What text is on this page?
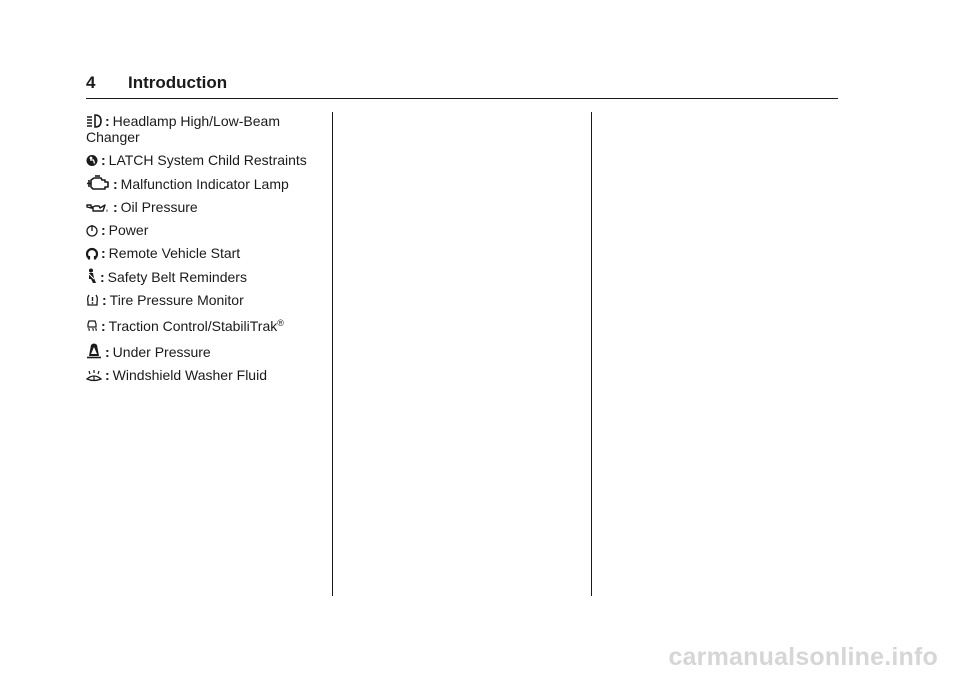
4 Introduction
: Headlamp High/Low-Beam Changer
: LATCH System Child Restraints
: Malfunction Indicator Lamp
: Oil Pressure
: Power
: Remote Vehicle Start
: Safety Belt Reminders
: Tire Pressure Monitor
: Traction Control/StabiliTrak®
: Under Pressure
: Windshield Washer Fluid
carmanualsonline.info
